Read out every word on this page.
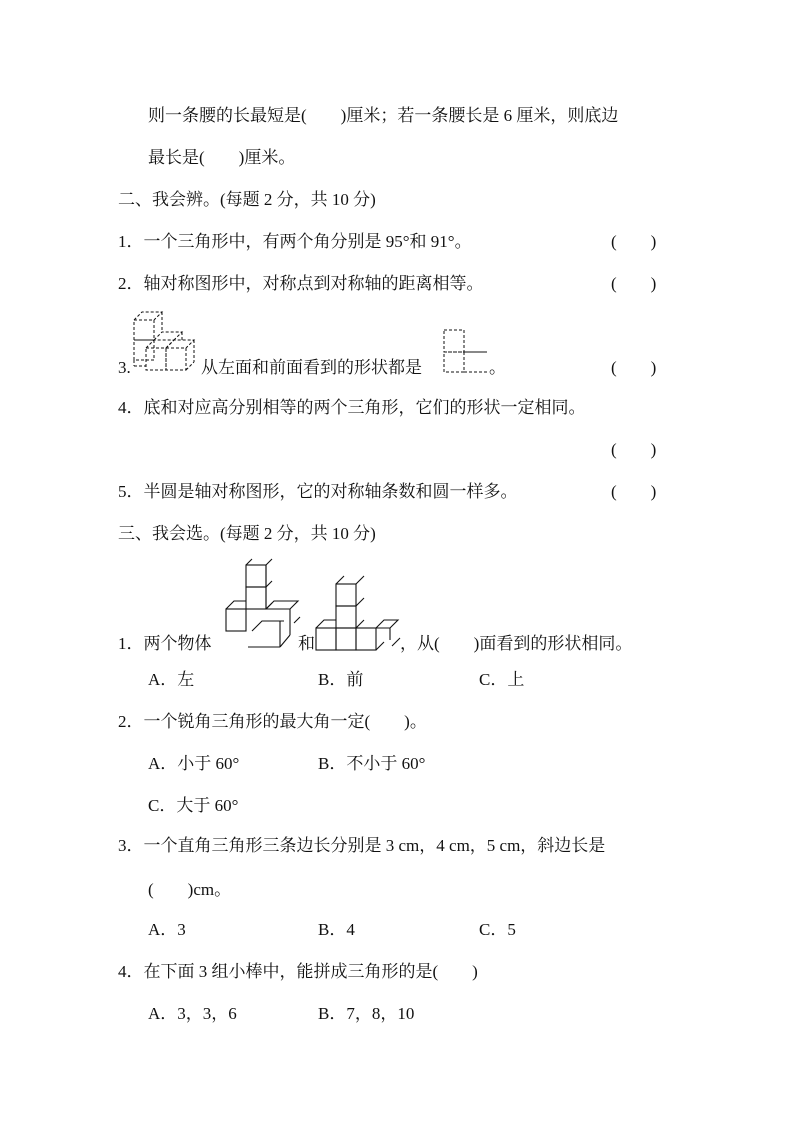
则一条腰的长最短是(　　)厘米；若一条腰长是 6 厘米，则底边
最长是(　　)厘米。
二、我会辨。(每题 2 分，共 10 分)
1．一个三角形中，有两个角分别是 95°和 91°。	(　　)
2．轴对称图形中，对称点到对称轴的距离相等。	(　　)
3.	从左面和前面看到的形状都是	。	(　　)
4．底和对应高分别相等的两个三角形，它们的形状一定相同。
(　　)
5．半圆是轴对称图形，它的对称轴条数和圆一样多。	(　　)
三、我会选。(每题 2 分，共 10 分)
1．两个物体	和	，从(　　)面看到的形状相同。
A．左	B．前	C．上
2．一个锐角三角形的最大角一定(　　)。
A．小于 60°	B．不小于 60°
C．大于 60°
3．一个直角三角形三条边长分别是 3 cm，4 cm，5 cm，斜边长是
(　　)cm。
A．3	B．4	C．5
4．在下面 3 组小棒中，能拼成三角形的是(　　)
A．3，3，6	B．7，8，10
